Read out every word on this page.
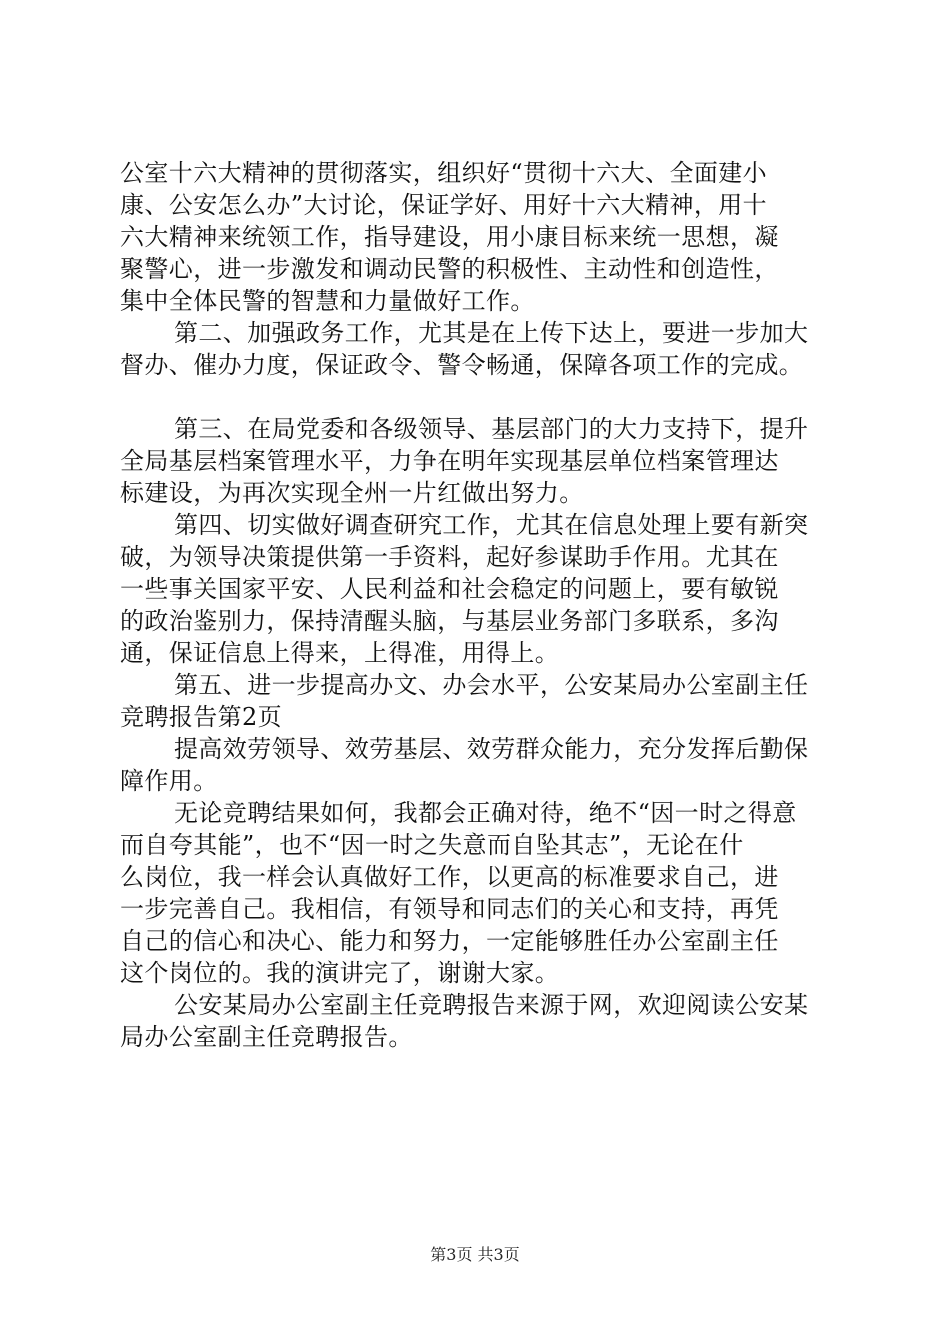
公室十六大精神的贯彻落实，组织好“贯彻十六大、全面建小
康、公安怎么办”大讨论，保证学好、用好十六大精神，用十
六大精神来统领工作，指导建设，用小康目标来统一思想，凝
聚警心，进一步激发和调动民警的积极性、主动性和创造性，
集中全体民警的智慧和力量做好工作。
第二、加强政务工作，尤其是在上传下达上，要进一步加大
督办、催办力度，保证政令、警令畅通，保障各项工作的完成。
第三、在局党委和各级领导、基层部门的大力支持下，提升
全局基层档案管理水平，力争在明年实现基层单位档案管理达
标建设，为再次实现全州一片红做出努力。
第四、切实做好调查研究工作，尤其在信息处理上要有新突
破，为领导决策提供第一手资料，起好参谋助手作用。尤其在
一些事关国家平安、人民利益和社会稳定的问题上，要有敏锐
的政治鉴别力，保持清醒头脑，与基层业务部门多联系，多沟
通，保证信息上得来，上得准，用得上。
第五、进一步提高办文、办会水平，公安某局办公室副主任
竞聘报告第2页
提高效劳领导、效劳基层、效劳群众能力，充分发挥后勤保
障作用。
无论竞聘结果如何，我都会正确对待，绝不“因一时之得意
而自夸其能”，也不“因一时之失意而自坠其志”，无论在什
么岗位，我一样会认真做好工作，以更高的标准要求自己，进
一步完善自己。我相信，有领导和同志们的关心和支持，再凭
自己的信心和决心、能力和努力，一定能够胜任办公室副主任
这个岗位的。我的演讲完了，谢谢大家。
公安某局办公室副主任竞聘报告来源于网，欢迎阅读公安某
局办公室副主任竞聘报告。
第3页 共3页
